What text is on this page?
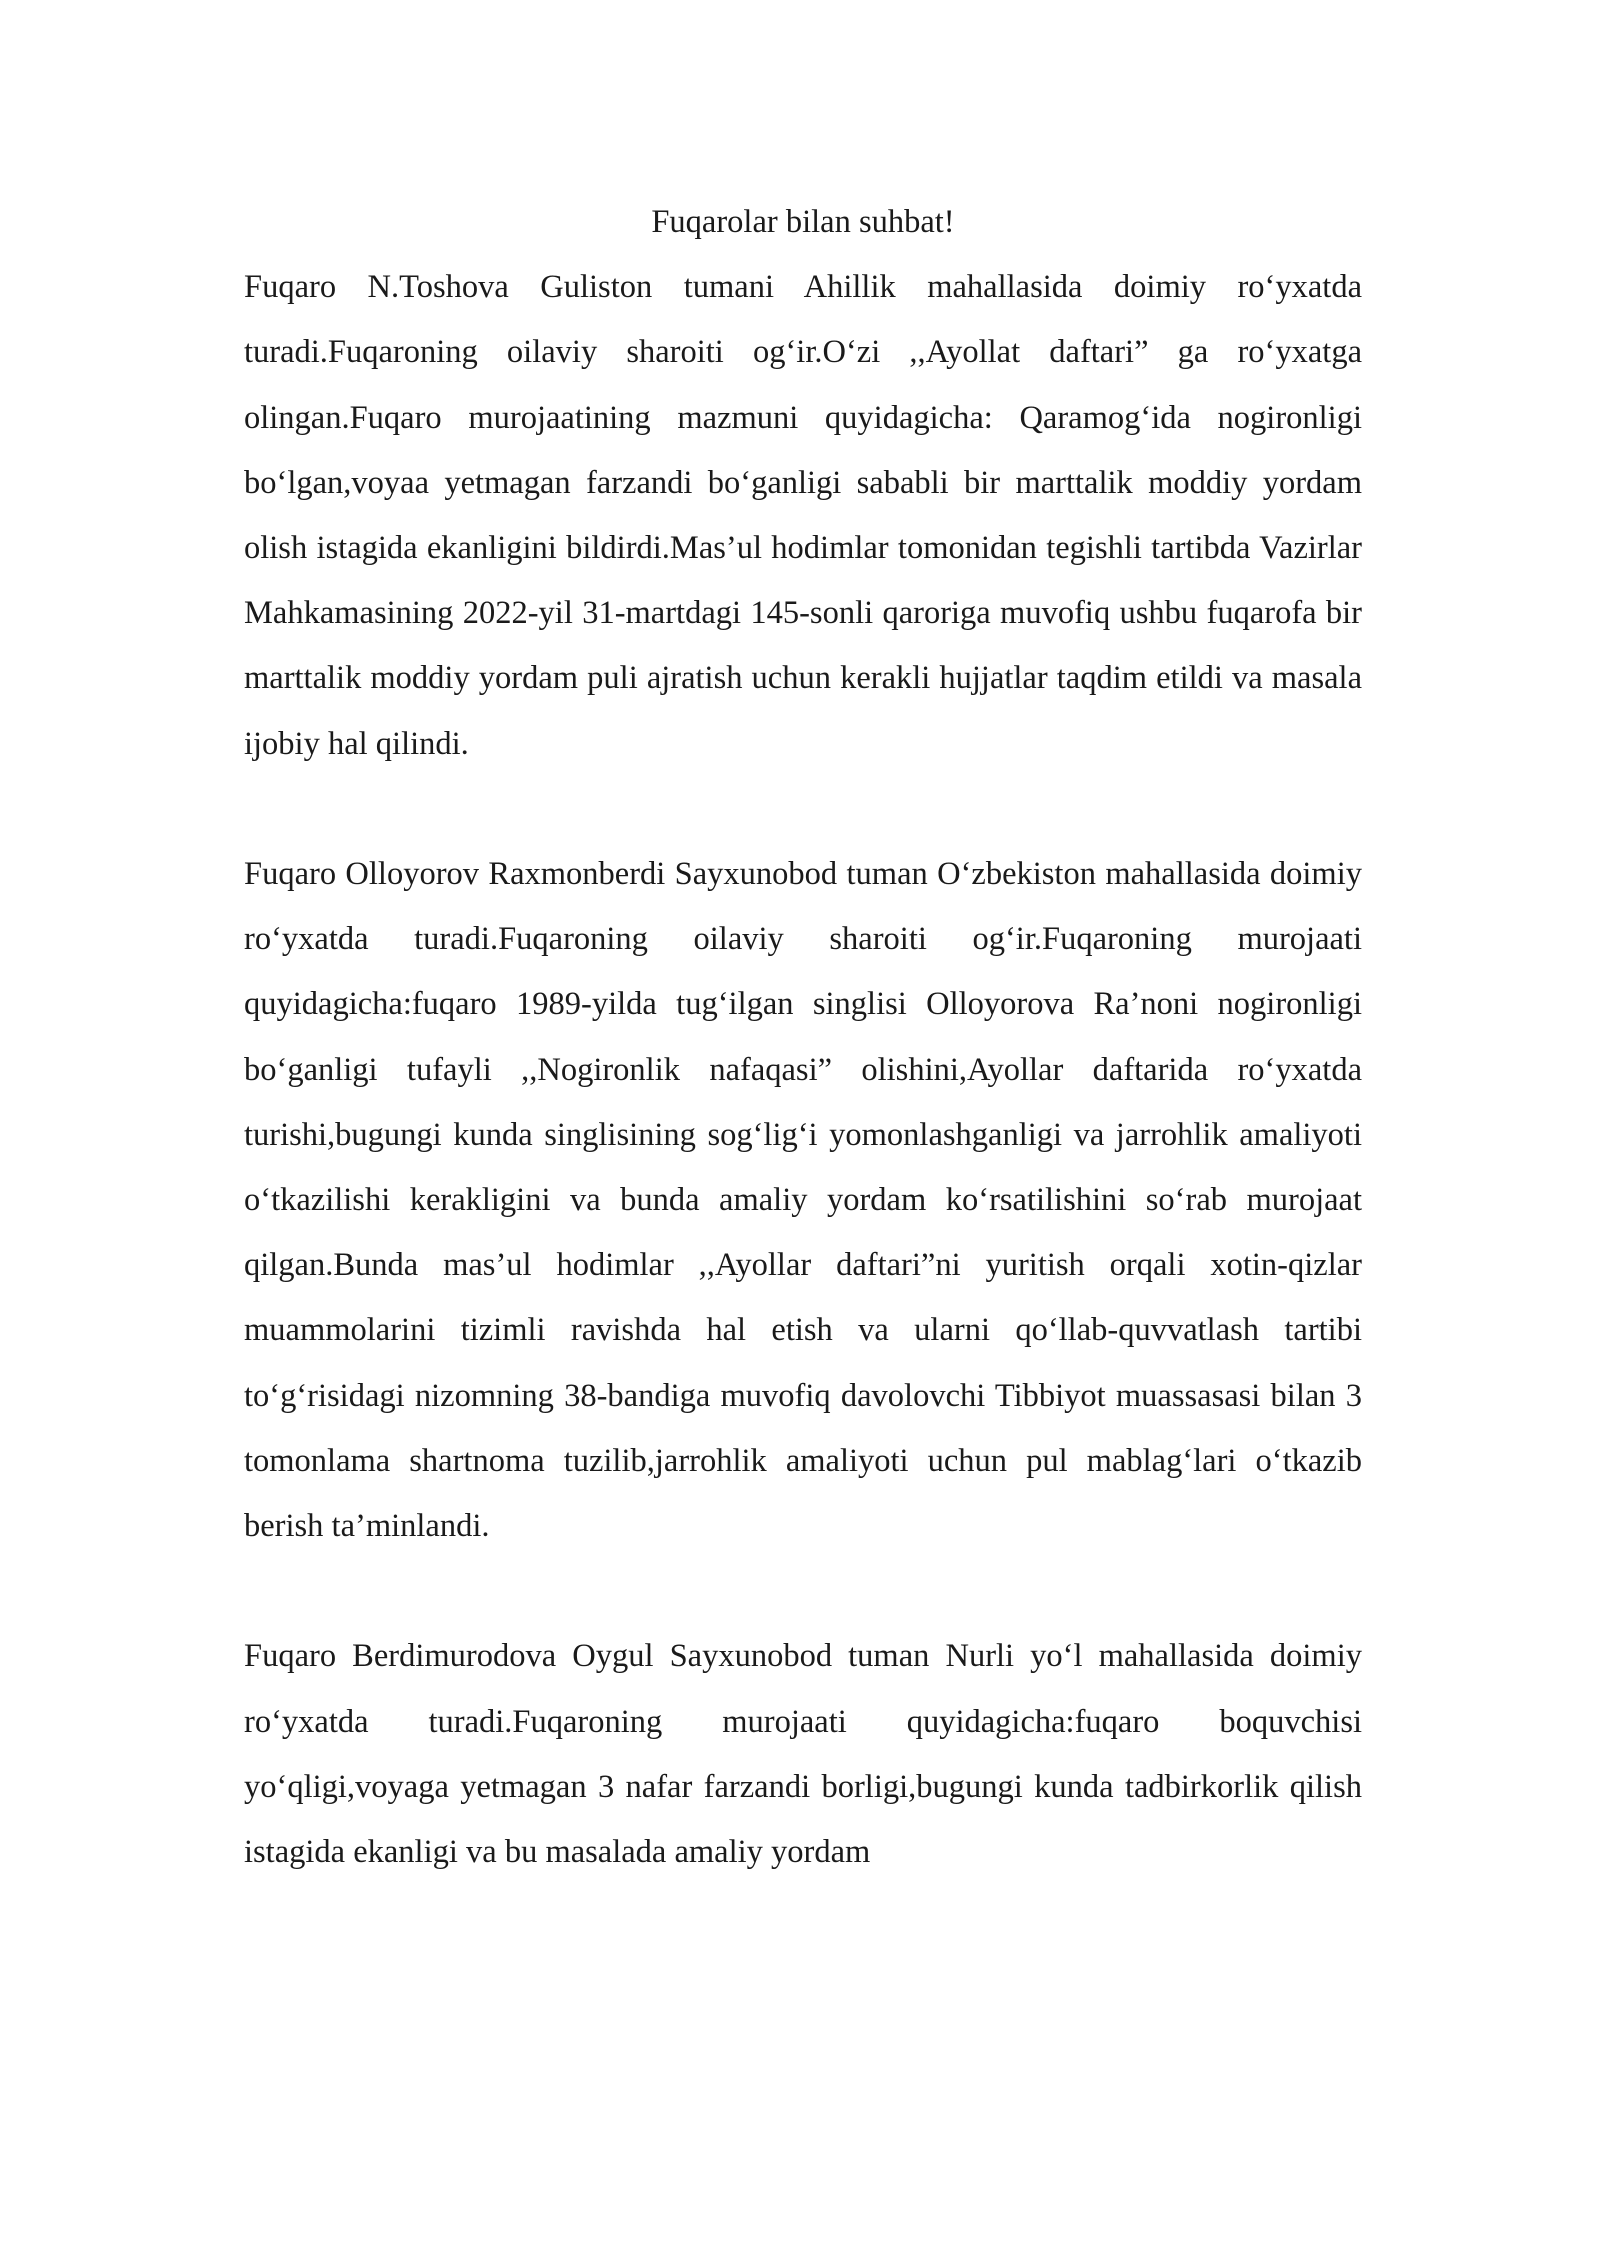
Fuqarolar bilan suhbat!

Fuqaro N.Toshova Guliston tumani Ahillik mahallasida doimiy ro‘yxatda turadi.Fuqaroning oilaviy sharoiti og‘ir.O‘zi ,,Ayollat daftari” ga ro‘yxatga olingan.Fuqaro murojaatining mazmuni quyidagicha: Qaramog‘ida nogironligi bo‘lgan,voyaa yetmagan farzandi bo‘ganligi sababli bir marttalik moddiy yordam olish istagida ekanligini bildirdi.Mas’ul hodimlar tomonidan tegishli tartibda Vazirlar Mahkamasining 2022-yil 31-martdagi 145-sonli qaroriga muvofiq ushbu fuqarofa bir marttalik moddiy yordam puli ajratish uchun kerakli hujjatlar taqdim etildi va masala ijobiy hal qilindi.

Fuqaro Olloyorov Raxmonberdi Sayxunobod tuman O‘zbekiston mahallasida doimiy ro‘yxatda turadi.Fuqaroning oilaviy sharoiti og‘ir.Fuqaroning murojaati quyidagicha:fuqaro 1989-yilda tug‘ilgan singlisi Olloyorova Ra’noni nogironligi bo‘ganligi tufayli ,,Nogironlik nafaqasi” olishini,Ayollar daftarida ro‘yxatda turishi,bugungi kunda singlisining sog‘lig‘i yomonlashganligi va jarrohlik amaliyoti o‘tkazilishi kerakligini va bunda amaliy yordam ko‘rsatilishini so‘rab murojaat qilgan.Bunda mas’ul hodimlar ,,Ayollar daftari”ni yuritish orqali xotin-qizlar muammolarini tizimli ravishda hal etish va ularni qo‘llab-quvvatlash tartibi to‘g‘risidagi nizomning 38-bandiga muvofiq davolovchi Tibbiyot muassasasi bilan 3 tomonlama shartnoma tuzilib,jarrohlik amaliyoti uchun pul mablag‘lari o‘tkazib berish ta’minlandi.

Fuqaro Berdimurodova Oygul Sayxunobod tuman Nurli yo‘l mahallasida doimiy ro‘yxatda turadi.Fuqaroning murojaati quyidagicha:fuqaro boquvchisi yo‘qligi,voyaga yetmagan 3 nafar farzandi borligi,bugungi kunda tadbirkorlik qilish istagida ekanligi va bu masalada amaliy yordam
